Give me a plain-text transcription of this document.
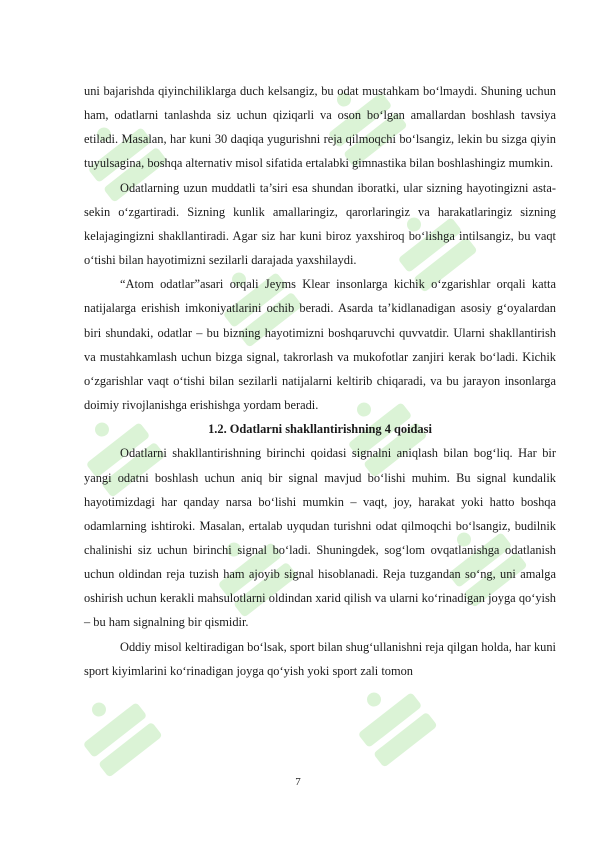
uni bajarishda qiyinchiliklarga duch kelsangiz, bu odat mustahkam bo‘lmaydi. Shuning uchun ham, odatlarni tanlashda siz uchun qiziqarli va oson bo‘lgan amallardan boshlash tavsiya etiladi. Masalan, har kuni 30 daqiqa yugurishni reja qilmoqchi bo‘lsangiz, lekin bu sizga qiyin tuyulsagina, boshqa alternativ misol sifatida ertalabki gimnastika bilan boshlashingiz mumkin.

Odatlarning uzun muddatli ta’siri esa shundan iboratki, ular sizning hayotingizni asta-sekin o‘zgartiradi. Sizning kunlik amallaringiz, qarorlaringiz va harakatlaringiz sizning kelajagingizni shakllantiradi. Agar siz har kuni biroz yaxshiroq bo‘lishga intilsangiz, bu vaqt o‘tishi bilan hayotimizni sezilarli darajada yaxshilaydi.

“Atom odatlar”asari orqali Jeyms Klear insonlarga kichik o‘zgarishlar orqali katta natijalarga erishish imkoniyatlarini ochib beradi. Asarda ta’kidlanadigan asosiy g‘oyalardan biri shundaki, odatlar – bu bizning hayotimizni boshqaruvchi quvvatdir. Ularni shakllantirish va mustahkamlash uchun bizga signal, takrorlash va mukofotlar zanjiri kerak bo‘ladi. Kichik o‘zgarishlar vaqt o‘tishi bilan sezilarli natijalarni keltirib chiqaradi, va bu jarayon insonlarga doimiy rivojlanishga erishishga yordam beradi.

1.2. Odatlarni shakllantirishning 4 qoidasi

Odatlarni shakllantirishning birinchi qoidasi signalni aniqlash bilan bog‘liq. Har bir yangi odatni boshlash uchun aniq bir signal mavjud bo‘lishi muhim. Bu signal kundalik hayotimizdagi har qanday narsa bo‘lishi mumkin – vaqt, joy, harakat yoki hatto boshqa odamlarning ishtiroki. Masalan, ertalab uyqudan turishni odat qilmoqchi bo‘lsangiz, budilnik chalinishi siz uchun birinchi signal bo‘ladi. Shuningdek, sog‘lom ovqatlanishga odatlanish uchun oldindan reja tuzish ham ajoyib signal hisoblanadi. Reja tuzgandan so‘ng, uni amalga oshirish uchun kerakli mahsulotlarni oldindan xarid qilish va ularni ko‘rinadigan joyga qo‘yish – bu ham signalning bir qismidir.

Oddiy misol keltiradigan bo‘lsak, sport bilan shug‘ullanishni reja qilgan holda, har kuni sport kiyimlarini ko‘rinadigan joyga qo‘yish yoki sport zali tomon

7
